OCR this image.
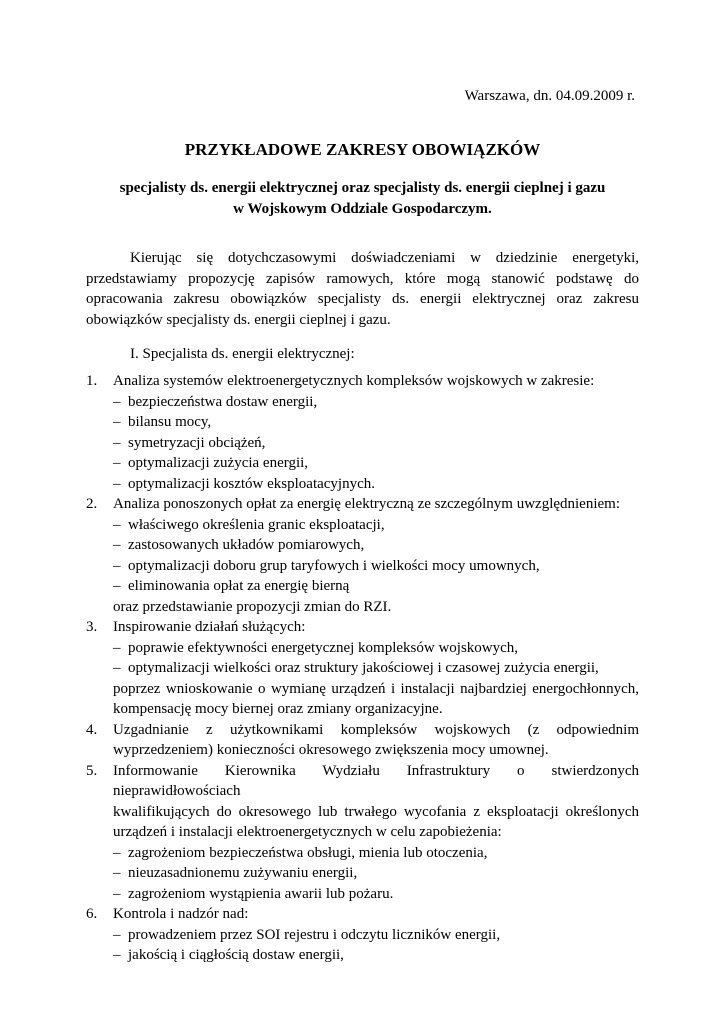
Warszawa, dn. 04.09.2009 r.
PRZYKŁADOWE ZAKRESY OBOWIĄZKÓW
specjalisty ds. energii elektrycznej oraz specjalisty ds. energii cieplnej i gazu
w Wojskowym Oddziale Gospodarczym.
Kierując się dotychczasowymi doświadczeniami w dziedzinie energetyki,
przedstawiamy propozycję zapisów ramowych, które mogą stanowić podstawę do
opracowania zakresu obowiązków specjalisty ds. energii elektrycznej oraz zakresu
obowiązków specjalisty ds. energii cieplnej i gazu.
I. Specjalista ds. energii elektrycznej:
1.	Analiza systemów elektroenergetycznych kompleksów wojskowych w zakresie:
– bezpieczeństwa dostaw energii,
– bilansu mocy,
– symetryzacji obciążeń,
– optymalizacji zużycia energii,
– optymalizacji kosztów eksploatacyjnych.
2.	Analiza ponoszonych opłat za energię elektryczną ze szczególnym uwzględnieniem:
– właściwego określenia granic eksploatacji,
– zastosowanych układów pomiarowych,
– optymalizacji doboru grup taryfowych i wielkości mocy umownych,
– eliminowania opłat za energię bierną
oraz przedstawianie propozycji zmian do RZI.
3.	Inspirowanie działań służących:
– poprawie efektywności energetycznej kompleksów wojskowych,
– optymalizacji wielkości oraz struktury jakościowej i czasowej zużycia energii,
poprzez wnioskowanie o wymianę urządzeń i instalacji najbardziej energochłonnych,
kompensację mocy biernej oraz zmiany organizacyjne.
4. Uzgadnianie z użytkownikami kompleksów wojskowych (z odpowiednim
wyprzedzeniem) konieczności okresowego zwiększenia mocy umownej.
5. Informowanie Kierownika Wydziału Infrastruktury o stwierdzonych nieprawidłowościach
kwalifikujących do okresowego lub trwałego wycofania z eksploatacji określonych
urządzeń i instalacji elektroenergetycznych w celu zapobieżenia:
– zagrożeniom bezpieczeństwa obsługi, mienia lub otoczenia,
– nieuzasadnionemu zużywaniu energii,
– zagrożeniom wystąpienia awarii lub pożaru.
6.	Kontrola i nadzór nad:
– prowadzeniem przez SOI rejestru i odczytu liczników energii,
– jakością i ciągłością dostaw energii,
